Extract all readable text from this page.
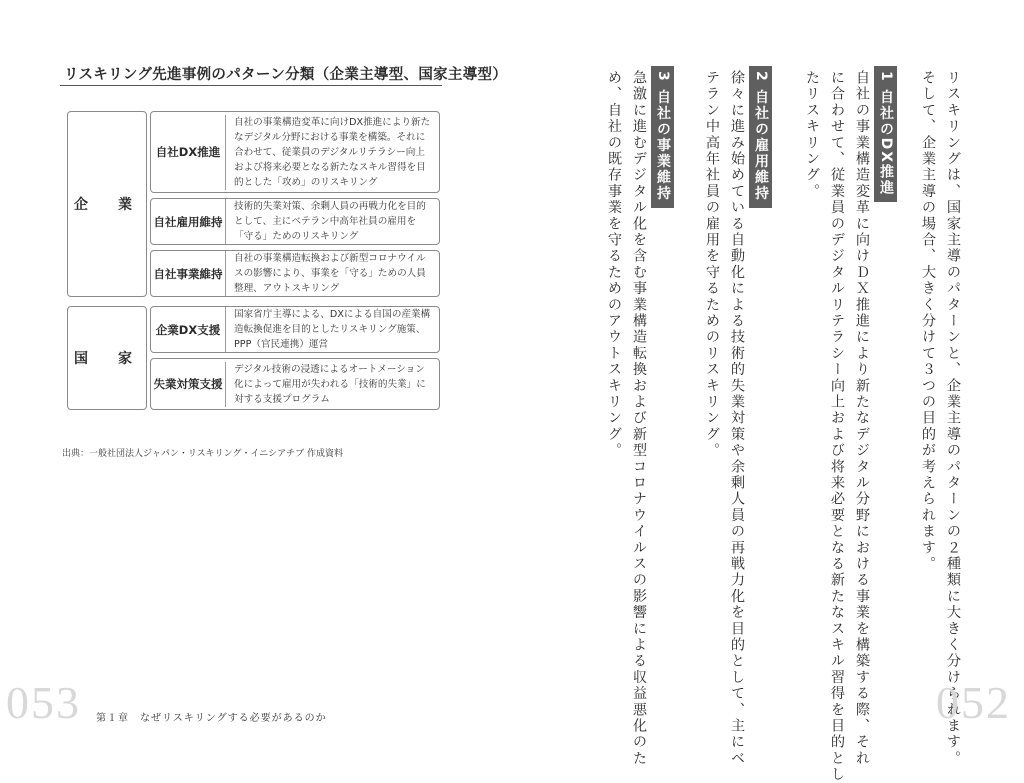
リスキリング先進事例のパターン分類（企業主導型、国家主導型）
企　業
自社DX推進
自社の事業構造変革に向けDX推進により新たなデジタル分野における事業を構築。それに合わせて、従業員のデジタルリテラシー向上および将来必要となる新たなスキル習得を目的とした「攻め」のリスキリング
自社雇用維持
技術的失業対策、余剰人員の再戦力化を目的として、主にベテラン中高年社員の雇用を「守る」ためのリスキリング
自社事業維持
自社の事業構造転換および新型コロナウイルスの影響により、事業を「守る」ための人員整理、アウトスキリング
国　家
企業DX支援
国家省庁主導による、DXによる自国の産業構造転換促進を目的としたリスキリング施策、PPP（官民連携）運営
失業対策支援
デジタル技術の浸透によるオートメーション化によって雇用が失われる「技術的失業」に対する支援プログラム
出典：一般社団法人ジャパン・リスキリング・イニシアチブ 作成資料
053 第１章　なぜリスキリングする必要があるのか	リスキリングは、国家主導のパターンと、企業主導のパターンの２種類に大きく分けられます。
そして、企業主導の場合、大きく分けて３つの目的が考えられます。
1 自社のDX推進
自社の事業構造変革に向けＤＸ推進により新たなデジタル分野における事業を構築する際、それ
に合わせて、従業員のデジタルリテラシー向上および将来必要となる新たなスキル習得を目的とし
たリスキリング。
2 自社の雇用維持
徐々に進み始めている自動化による技術的失業対策や余剰人員の再戦力化を目的として、主にベ
テラン中高年社員の雇用を守るためのリスキリング。
3 自社の事業維持
急激に進むデジタル化を含む事業構造転換および新型コロナウイルスの影響による収益悪化のた
め、自社の既存事業を守るためのアウトスキリング。
052
